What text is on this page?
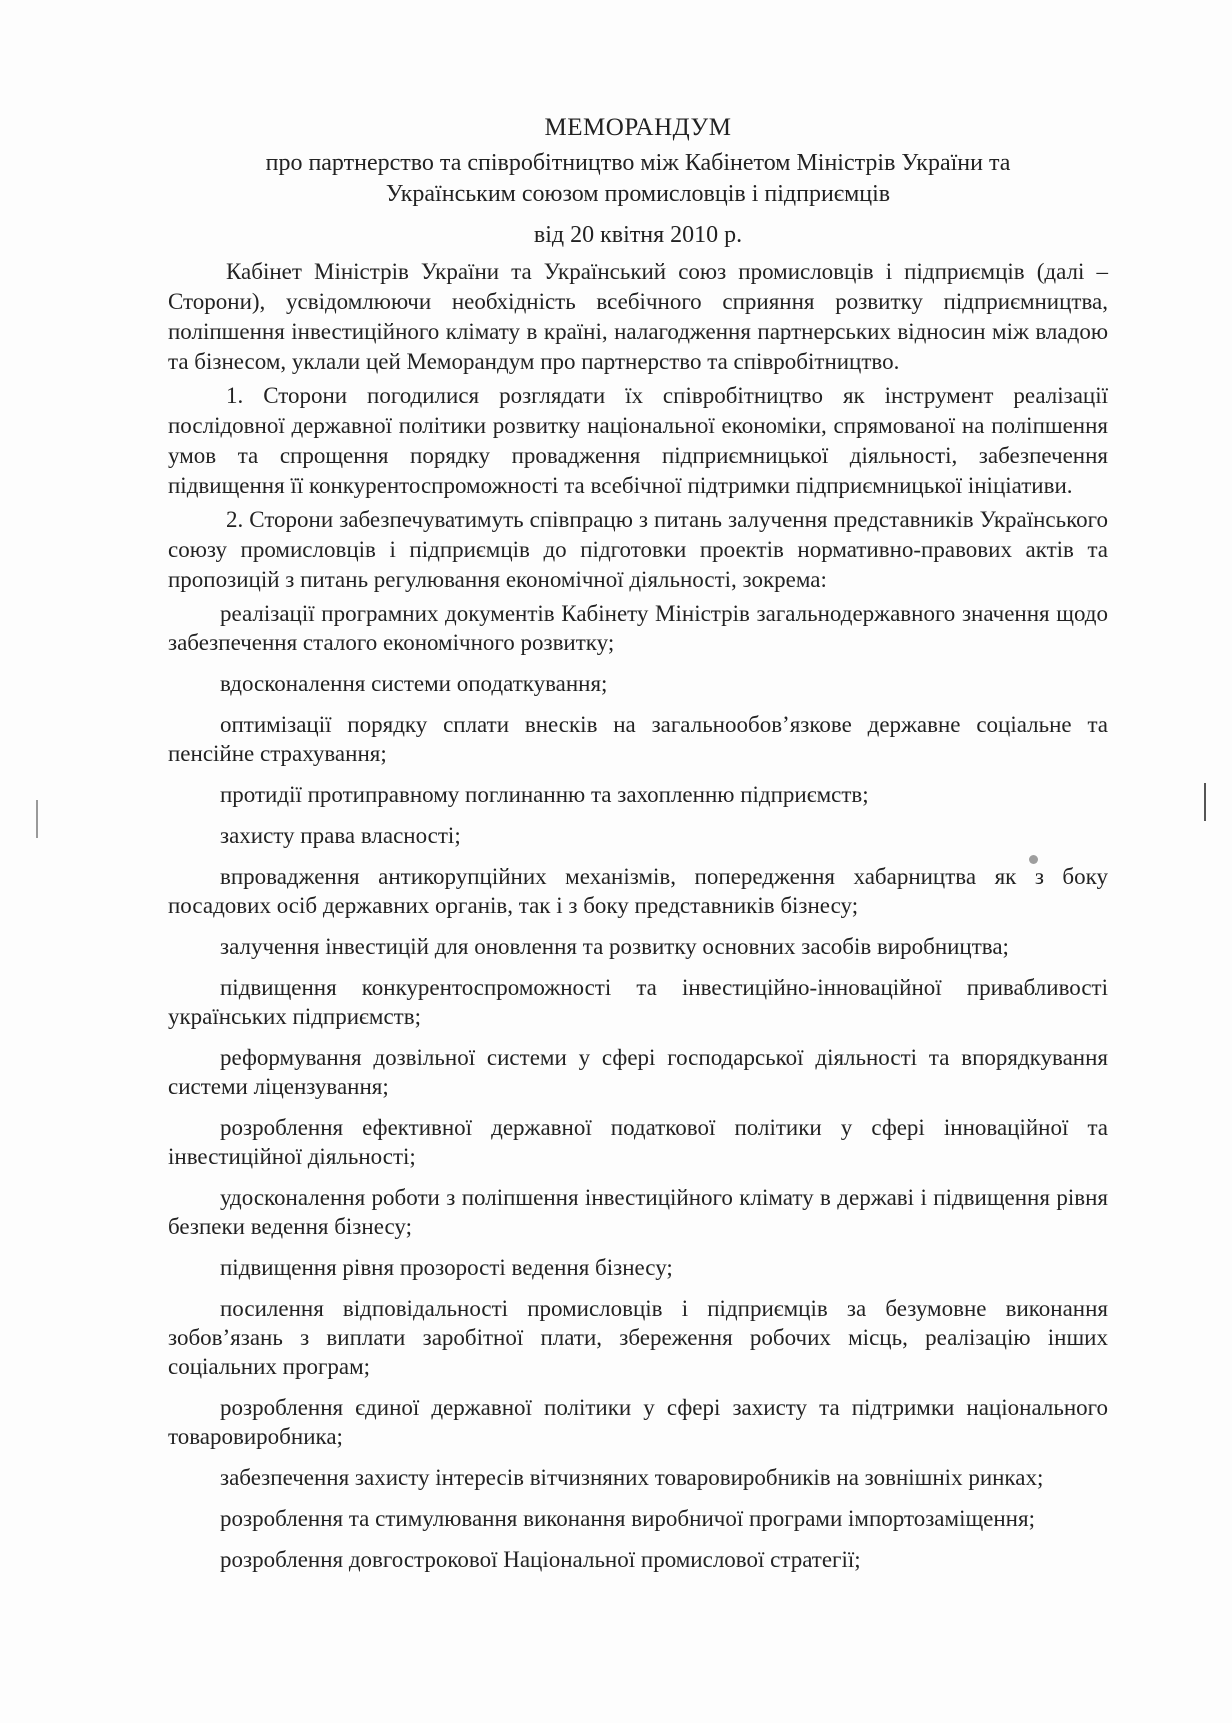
МЕМОРАНДУМ
про партнерство та співробітництво між Кабінетом Міністрів України та Українським союзом промисловців і підприємців
від 20 квітня 2010 р.

Кабінет Міністрів України та Український союз промисловців і підприємців (далі – Сторони), усвідомлюючи необхідність всебічного сприяння розвитку підприємництва, поліпшення інвестиційного клімату в країні, налагодження партнерських відносин між владою та бізнесом, уклали цей Меморандум про партнерство та співробітництво.

1. Сторони погодилися розглядати їх співробітництво як інструмент реалізації послідовної державної політики розвитку національної економіки, спрямованої на поліпшення умов та спрощення порядку провадження підприємницької діяльності, забезпечення підвищення її конкурентоспроможності та всебічної підтримки підприємницької ініціативи.

2. Сторони забезпечуватимуть співпрацю з питань залучення представників Українського союзу промисловців і підприємців до підготовки проектів нормативно-правових актів та пропозицій з питань регулювання економічної діяльності, зокрема:

реалізації програмних документів Кабінету Міністрів загальнодержавного значення щодо забезпечення сталого економічного розвитку;
вдосконалення системи оподаткування;
оптимізації порядку сплати внесків на загальнообов’язкове державне соціальне та пенсійне страхування;
протидії протиправному поглинанню та захопленню підприємств;
захисту права власності;
впровадження антикорупційних механізмів, попередження хабарництва як з боку посадових осіб державних органів, так і з боку представників бізнесу;
залучення інвестицій для оновлення та розвитку основних засобів виробництва;
підвищення конкурентоспроможності та інвестиційно-інноваційної привабливості українських підприємств;
реформування дозвільної системи у сфері господарської діяльності та впорядкування системи ліцензування;
розроблення ефективної державної податкової політики у сфері інноваційної та інвестиційної діяльності;
удосконалення роботи з поліпшення інвестиційного клімату в державі і підвищення рівня безпеки ведення бізнесу;
підвищення рівня прозорості ведення бізнесу;
посилення відповідальності промисловців і підприємців за безумовне виконання зобов’язань з виплати заробітної плати, збереження робочих місць, реалізацію інших соціальних програм;
розроблення єдиної державної політики у сфері захисту та підтримки національного товаровиробника;
забезпечення захисту інтересів вітчизняних товаровиробників на зовнішніх ринках;
розроблення та стимулювання виконання виробничої програми імпортозаміщення;
розроблення довгострокової Національної промислової стратегії;
